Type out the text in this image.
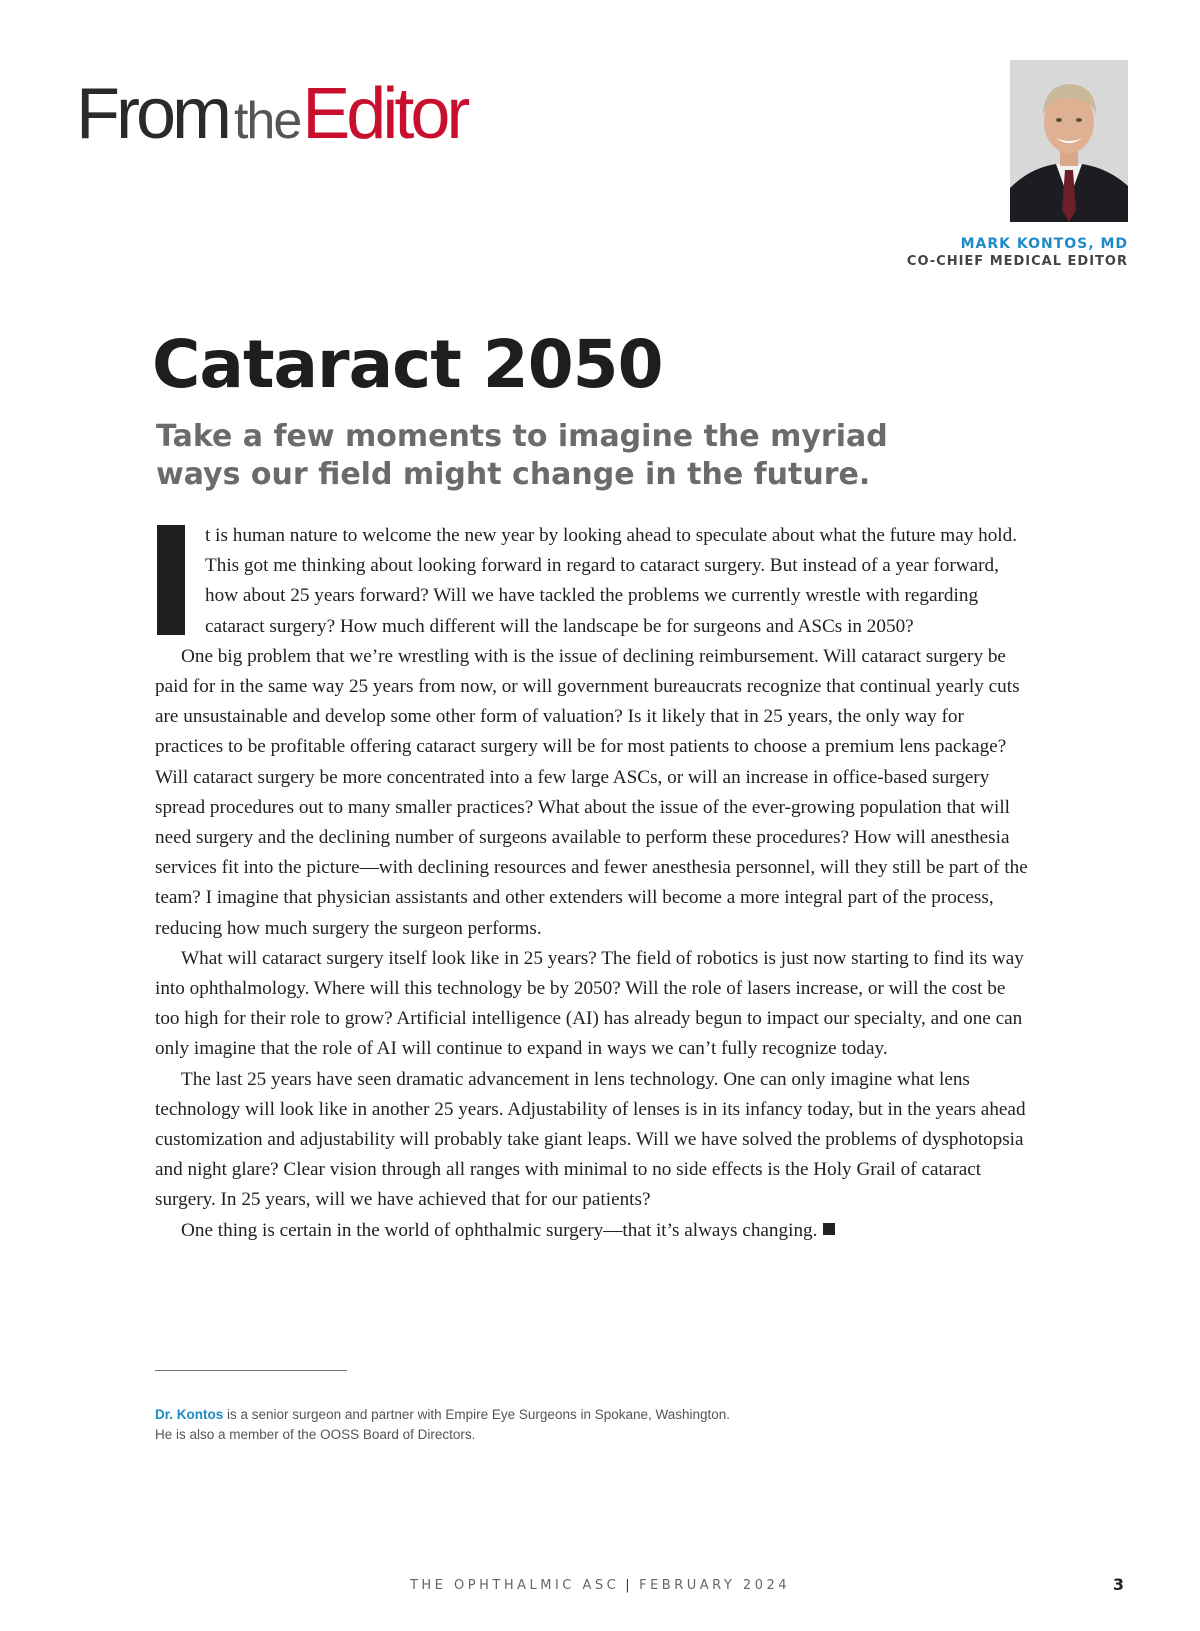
From theEditor
MARK KONTOS, MD
CO-CHIEF MEDICAL EDITOR
Cataract 2050
Take a few moments to imagine the myriad ways our field might change in the future.

t is human nature to welcome the new year by looking ahead to speculate about what the future may hold. This got me thinking about looking forward in regard to cataract surgery. But instead of a year forward, how about 25 years forward? Will we have tackled the problems we currently wrestle with regarding cataract surgery? How much different will the landscape be for surgeons and ASCs in 2050?

One big problem that we’re wrestling with is the issue of declining reimbursement. Will cataract surgery be paid for in the same way 25 years from now, or will government bureaucrats recognize that continual yearly cuts are unsustainable and develop some other form of valuation? Is it likely that in 25 years, the only way for practices to be profitable offering cataract surgery will be for most patients to choose a premium lens package? Will cataract surgery be more concentrated into a few large ASCs, or will an increase in office-based surgery spread procedures out to many smaller practices? What about the issue of the ever-growing population that will need surgery and the declining number of surgeons available to perform these procedures? How will anesthesia services fit into the picture—with declining resources and fewer anesthesia personnel, will they still be part of the team? I imagine that physician assistants and other extenders will become a more integral part of the process, reducing how much surgery the surgeon performs.

What will cataract surgery itself look like in 25 years? The field of robotics is just now starting to find its way into ophthalmology. Where will this technology be by 2050? Will the role of lasers increase, or will the cost be too high for their role to grow? Artificial intelligence (AI) has already begun to impact our specialty, and one can only imagine that the role of AI will continue to expand in ways we can’t fully recognize today.

The last 25 years have seen dramatic advancement in lens technology. One can only imagine what lens technology will look like in another 25 years. Adjustability of lenses is in its infancy today, but in the years ahead customization and adjustability will probably take giant leaps. Will we have solved the problems of dysphotopsia and night glare? Clear vision through all ranges with minimal to no side effects is the Holy Grail of cataract surgery. In 25 years, will we have achieved that for our patients?

One thing is certain in the world of ophthalmic surgery—that it’s always changing.

Dr. Kontos is a senior surgeon and partner with Empire Eye Surgeons in Spokane, Washington.
He is also a member of the OOSS Board of Directors.
THE OPHTHALMIC ASC | FEBRUARY 2024	3
